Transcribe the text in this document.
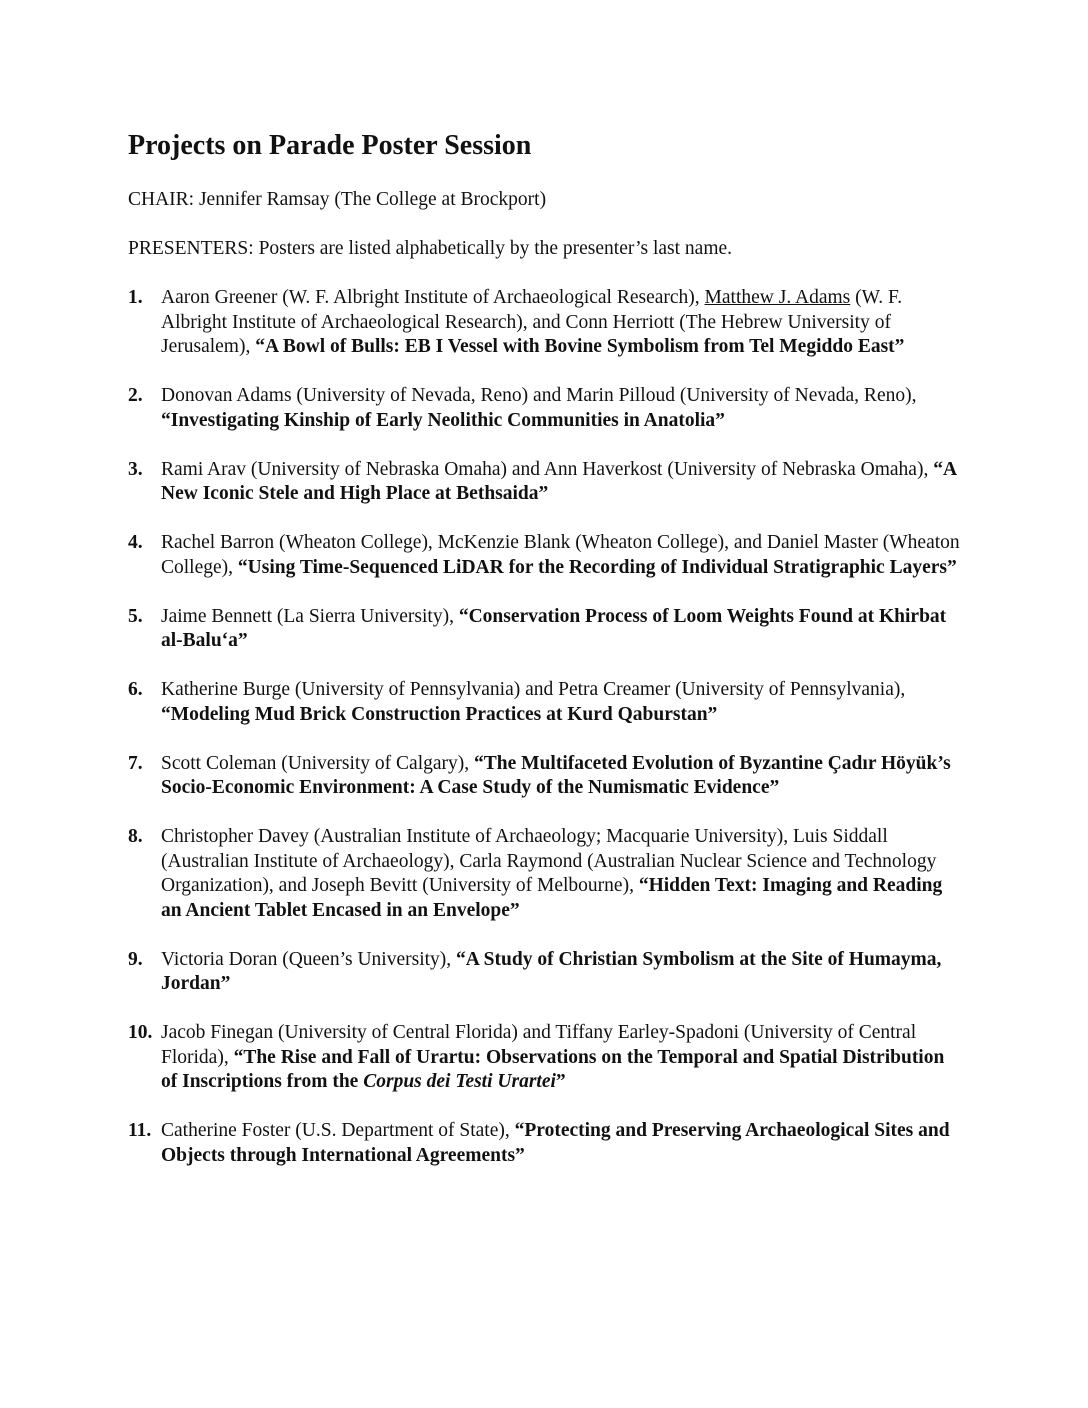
Projects on Parade Poster Session

CHAIR: Jennifer Ramsay (The College at Brockport)

PRESENTERS: Posters are listed alphabetically by the presenter’s last name.

1. Aaron Greener (W. F. Albright Institute of Archaeological Research), Matthew J. Adams (W. F. Albright Institute of Archaeological Research), and Conn Herriott (The Hebrew University of Jerusalem), “A Bowl of Bulls: EB I Vessel with Bovine Symbolism from Tel Megiddo East”
2. Donovan Adams (University of Nevada, Reno) and Marin Pilloud (University of Nevada, Reno), “Investigating Kinship of Early Neolithic Communities in Anatolia”
3. Rami Arav (University of Nebraska Omaha) and Ann Haverkost (University of Nebraska Omaha), “A New Iconic Stele and High Place at Bethsaida”
4. Rachel Barron (Wheaton College), McKenzie Blank (Wheaton College), and Daniel Master (Wheaton College), “Using Time-Sequenced LiDAR for the Recording of Individual Stratigraphic Layers”
5. Jaime Bennett (La Sierra University), “Conservation Process of Loom Weights Found at Khirbat al-Balu‘a”
6. Katherine Burge (University of Pennsylvania) and Petra Creamer (University of Pennsylvania), “Modeling Mud Brick Construction Practices at Kurd Qaburstan”
7. Scott Coleman (University of Calgary), “The Multifaceted Evolution of Byzantine Çadır Höyük’s Socio-Economic Environment: A Case Study of the Numismatic Evidence”
8. Christopher Davey (Australian Institute of Archaeology; Macquarie University), Luis Siddall (Australian Institute of Archaeology), Carla Raymond (Australian Nuclear Science and Technology Organization), and Joseph Bevitt (University of Melbourne), “Hidden Text: Imaging and Reading an Ancient Tablet Encased in an Envelope”
9. Victoria Doran (Queen’s University), “A Study of Christian Symbolism at the Site of Humayma, Jordan”
10. Jacob Finegan (University of Central Florida) and Tiffany Earley-Spadoni (University of Central Florida), “The Rise and Fall of Urartu: Observations on the Temporal and Spatial Distribution of Inscriptions from the Corpus dei Testi Urartei”
11. Catherine Foster (U.S. Department of State), “Protecting and Preserving Archaeological Sites and Objects through International Agreements”
